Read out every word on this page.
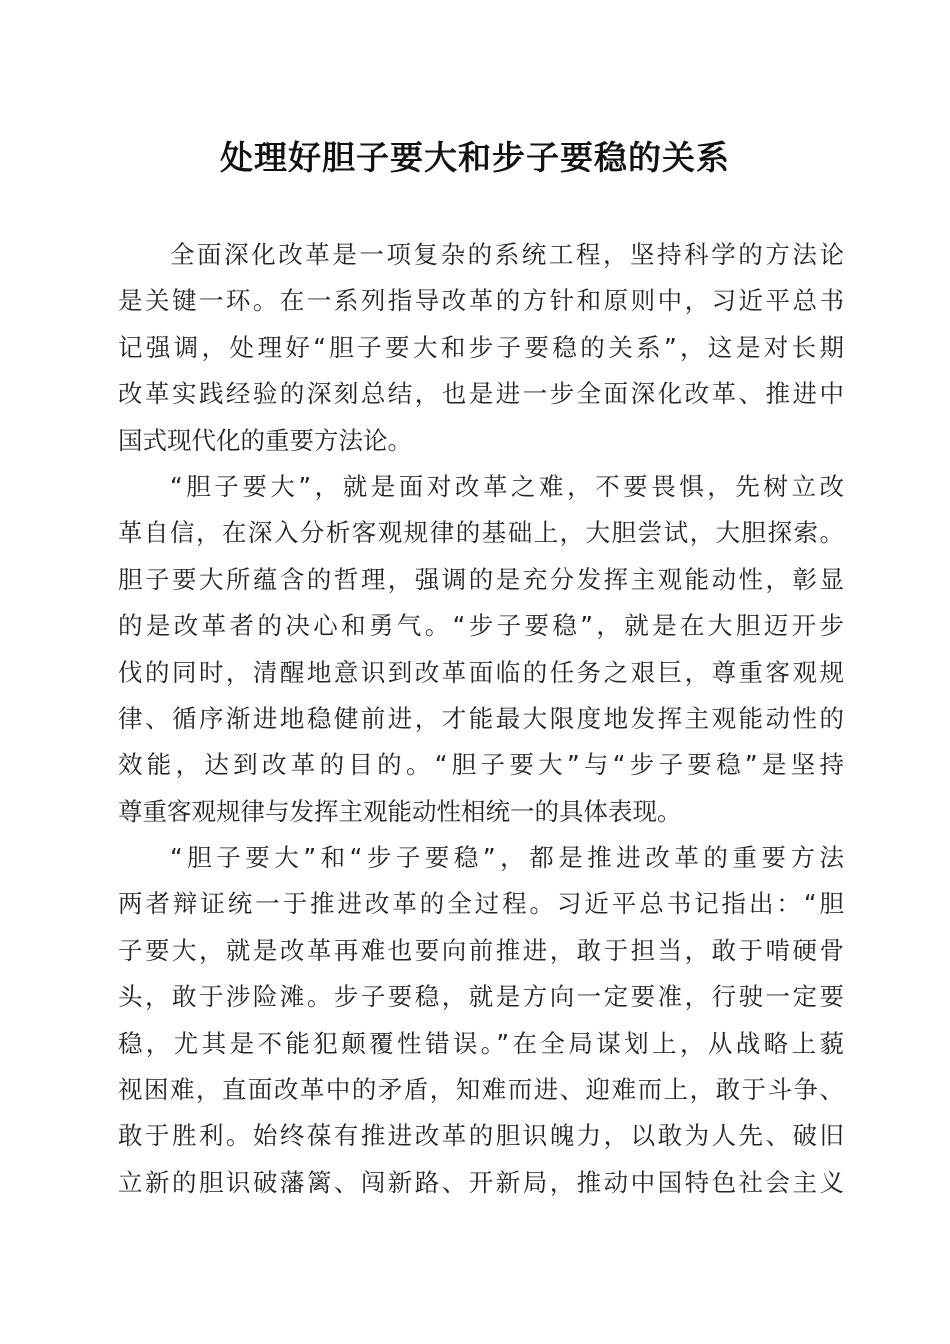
处理好胆子要大和步子要稳的关系
全面深化改革是一项复杂的系统工程，坚持科学的方法论
是关键一环。在一系列指导改革的方针和原则中，习近平总书
记强调，处理好“胆子要大和步子要稳的关系”，这是对长期
改革实践经验的深刻总结，也是进一步全面深化改革、推进中
国式现代化的重要方法论。
“胆子要大”，就是面对改革之难，不要畏惧，先树立改
革自信，在深入分析客观规律的基础上，大胆尝试，大胆探索。
胆子要大所蕴含的哲理，强调的是充分发挥主观能动性，彰显
的是改革者的决心和勇气。“步子要稳”，就是在大胆迈开步
伐的同时，清醒地意识到改革面临的任务之艰巨，尊重客观规
律、循序渐进地稳健前进，才能最大限度地发挥主观能动性的
效能，达到改革的目的。“胆子要大”与“步子要稳”是坚持
尊重客观规律与发挥主观能动性相统一的具体表现。
“胆子要大”和“步子要稳”，都是推进改革的重要方法
两者辩证统一于推进改革的全过程。习近平总书记指出：“胆
子要大，就是改革再难也要向前推进，敢于担当，敢于啃硬骨
头，敢于涉险滩。步子要稳，就是方向一定要准，行驶一定要
稳，尤其是不能犯颠覆性错误。”在全局谋划上，从战略上藐
视困难，直面改革中的矛盾，知难而进、迎难而上，敢于斗争、
敢于胜利。始终葆有推进改革的胆识魄力，以敢为人先、破旧
立新的胆识破藩篱、闯新路、开新局，推动中国特色社会主义
